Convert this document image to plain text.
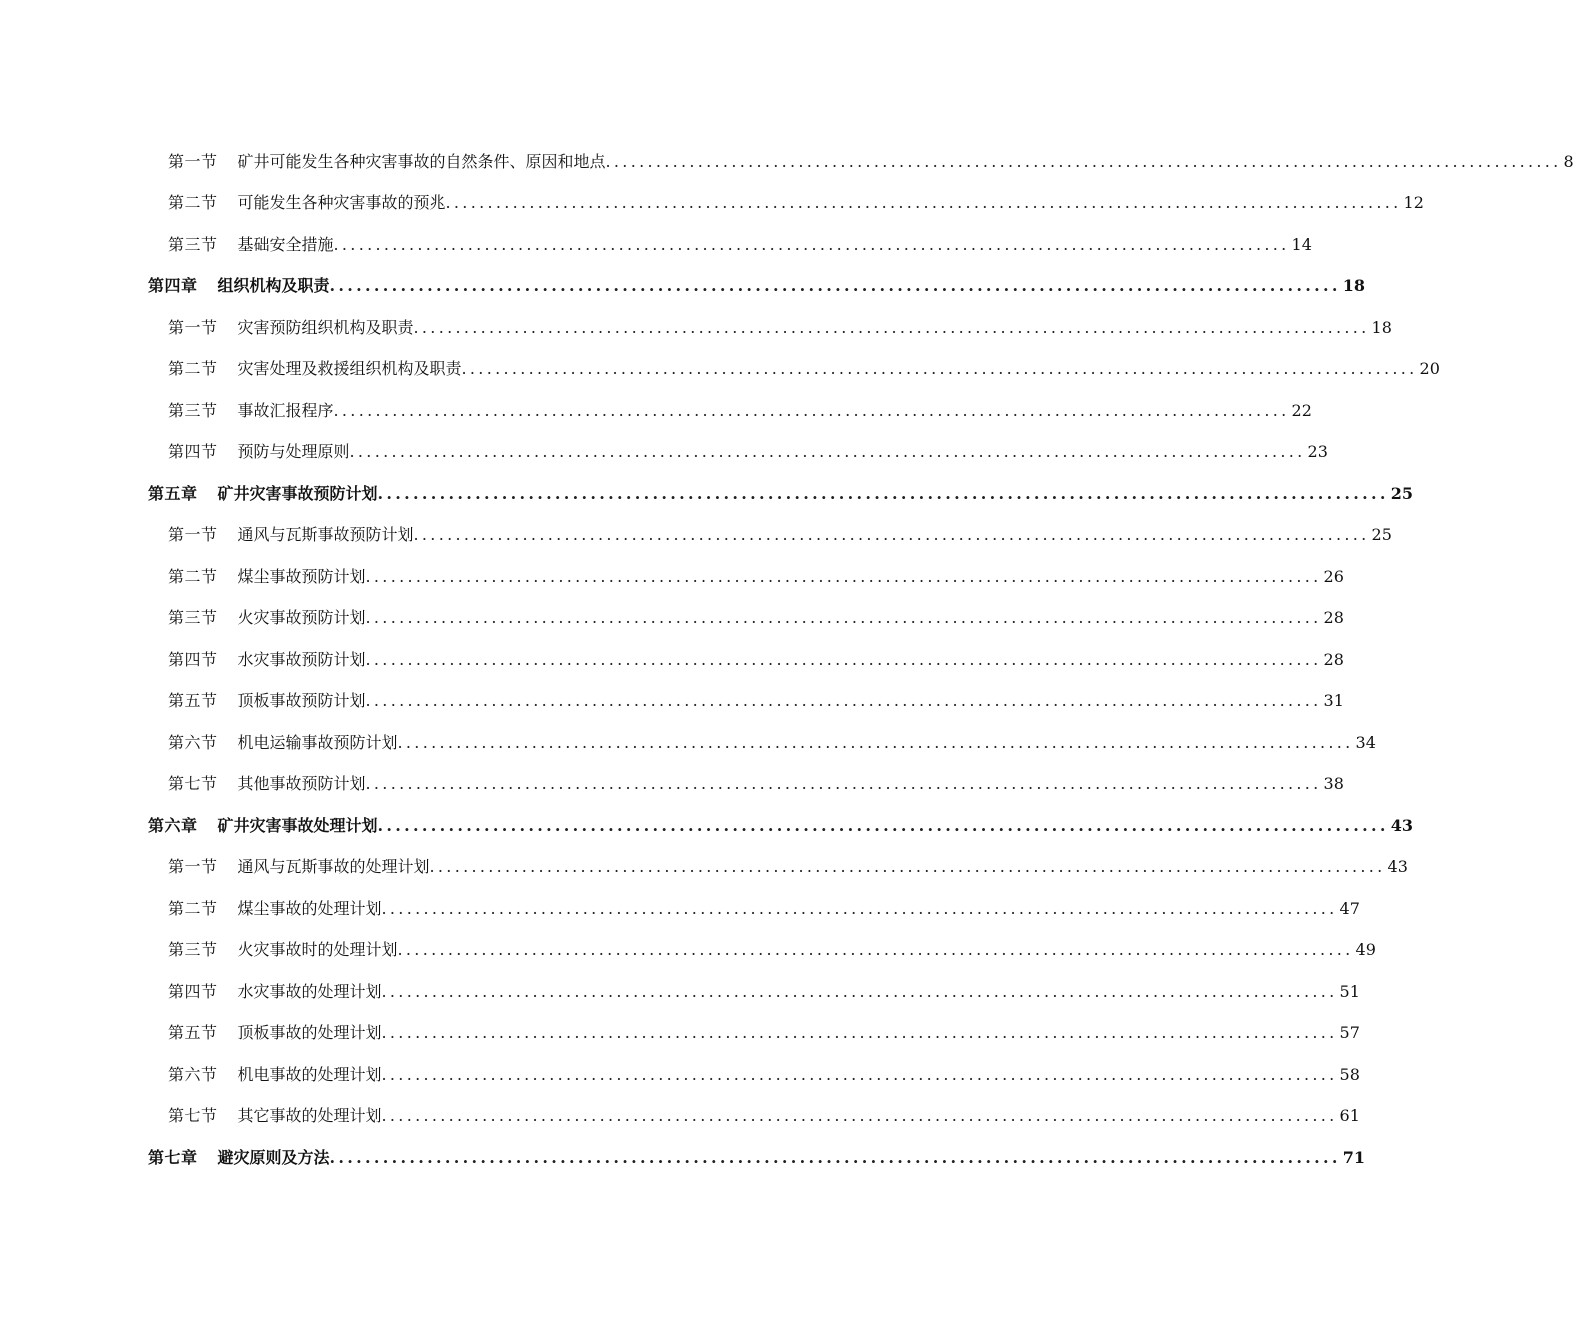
第一节 矿井可能发生各种灾害事故的自然条件、原因和地点 .................................................................................................................. 8
第二节 可能发生各种灾害事故的预兆 .................................................................................................................. 12
第三节 基础安全措施 .................................................................................................................. 14
第四章 组织机构及职责 .................................................................................................................. 18
第一节 灾害预防组织机构及职责 .................................................................................................................. 18
第二节 灾害处理及救援组织机构及职责 .................................................................................................................. 20
第三节 事故汇报程序 .................................................................................................................. 22
第四节 预防与处理原则 .................................................................................................................. 23
第五章 矿井灾害事故预防计划 .................................................................................................................. 25
第一节 通风与瓦斯事故预防计划 .................................................................................................................. 25
第二节 煤尘事故预防计划 .................................................................................................................. 26
第三节 火灾事故预防计划 .................................................................................................................. 28
第四节 水灾事故预防计划 .................................................................................................................. 28
第五节 顶板事故预防计划 .................................................................................................................. 31
第六节 机电运输事故预防计划 .................................................................................................................. 34
第七节 其他事故预防计划 .................................................................................................................. 38
第六章 矿井灾害事故处理计划 .................................................................................................................. 43
第一节 通风与瓦斯事故的处理计划 .................................................................................................................. 43
第二节 煤尘事故的处理计划 .................................................................................................................. 47
第三节 火灾事故时的处理计划 .................................................................................................................. 49
第四节 水灾事故的处理计划 .................................................................................................................. 51
第五节 顶板事故的处理计划 .................................................................................................................. 57
第六节 机电事故的处理计划 .................................................................................................................. 58
第七节 其它事故的处理计划 .................................................................................................................. 61
第七章 避灾原则及方法 .................................................................................................................. 71
